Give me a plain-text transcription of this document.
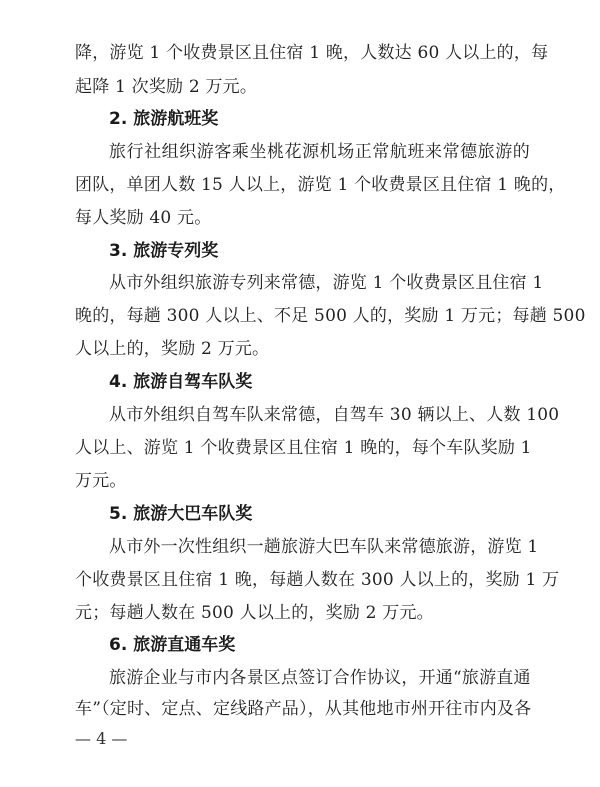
降，游览 1 个收费景区且住宿 1 晚，人数达 60 人以上的，每
起降 1 次奖励 2 万元。
2. 旅游航班奖
旅行社组织游客乘坐桃花源机场正常航班来常德旅游的
团队，单团人数 15 人以上，游览 1 个收费景区且住宿 1 晚的，
每人奖励 40 元。
3. 旅游专列奖
从市外组织旅游专列来常德，游览 1 个收费景区且住宿 1
晚的，每趟 300 人以上、不足 500 人的，奖励 1 万元；每趟 500
人以上的，奖励 2 万元。
4. 旅游自驾车队奖
从市外组织自驾车队来常德，自驾车 30 辆以上、人数 100
人以上、游览 1 个收费景区且住宿 1 晚的，每个车队奖励 1
万元。
5. 旅游大巴车队奖
从市外一次性组织一趟旅游大巴车队来常德旅游，游览 1
个收费景区且住宿 1 晚，每趟人数在 300 人以上的，奖励 1 万
元；每趟人数在 500 人以上的，奖励 2 万元。
6. 旅游直通车奖
旅游企业与市内各景区点签订合作协议，开通“旅游直通
车”（定时、定点、定线路产品），从其他地市州开往市内及各
— 4 —
